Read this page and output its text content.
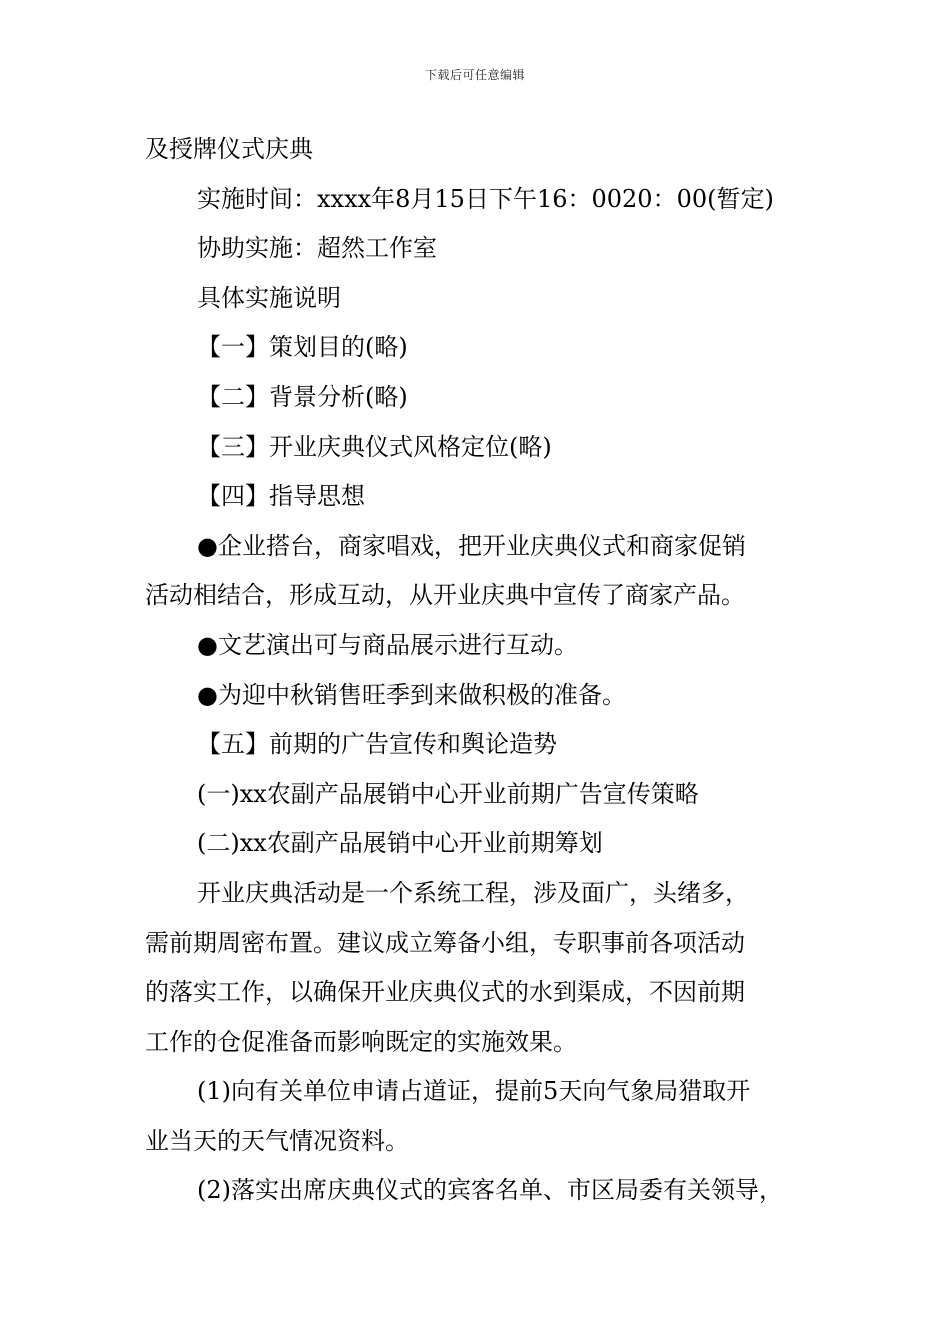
下载后可任意编辑
及授牌仪式庆典
实施时间：xxxx年8月15日下午16：0020：00(暂定)
协助实施：超然工作室
具体实施说明
【一】策划目的(略)
【二】背景分析(略)
【三】开业庆典仪式风格定位(略)
【四】指导思想
●企业搭台，商家唱戏，把开业庆典仪式和商家促销
活动相结合，形成互动，从开业庆典中宣传了商家产品。
●文艺演出可与商品展示进行互动。
●为迎中秋销售旺季到来做积极的准备。
【五】前期的广告宣传和舆论造势
(一)xx农副产品展销中心开业前期广告宣传策略
(二)xx农副产品展销中心开业前期筹划
开业庆典活动是一个系统工程，涉及面广，头绪多，
需前期周密布置。建议成立筹备小组，专职事前各项活动
的落实工作，以确保开业庆典仪式的水到渠成，不因前期
工作的仓促准备而影响既定的实施效果。
(1)向有关单位申请占道证，提前5天向气象局猎取开
业当天的天气情况资料。
(2)落实出席庆典仪式的宾客名单、市区局委有关领导，
